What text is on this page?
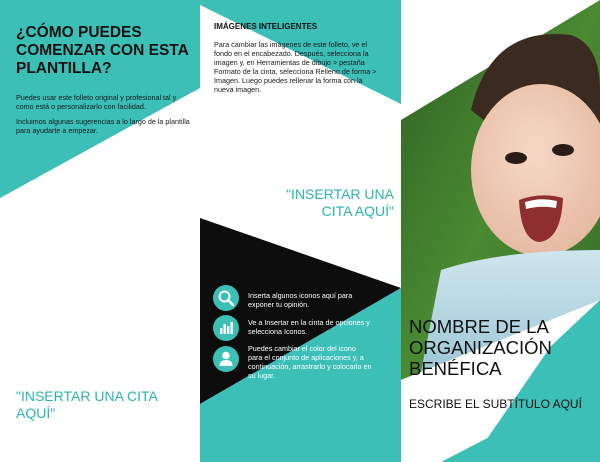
¿CÓMO PUEDES COMENZAR CON ESTA PLANTILLA?

Puedes usar este folleto original y profesional tal y como está o personalizarlo con facilidad.

Incluimos algunas sugerencias a lo largo de la plantilla para ayudarte a empezar.

"INSERTAR UNA CITA AQUÍ"

IMÁGENES INTELIGENTES

Para cambiar las imágenes de este folleto, ve el fondo en el encabezado. Después, selecciona la imagen y, en Herramientas de dibujo > pestaña Formato de la cinta, selecciona Relleno de forma > Imagen. Luego puedes rellenar la forma con la nueva imagen.

"INSERTAR UNA CITA AQUÍ"

Inserta algunos iconos aquí para exponer tu opinión.

Ve a Insertar en la cinta de opciones y selecciona Iconos.

Puedes cambiar el color del icono para el conjunto de aplicaciones y, a continuación, arrastrarlo y colocarlo en su lugar.

NOMBRE DE LA ORGANIZACIÓN BENÉFICA

ESCRIBE EL SUBTÍTULO AQUÍ
